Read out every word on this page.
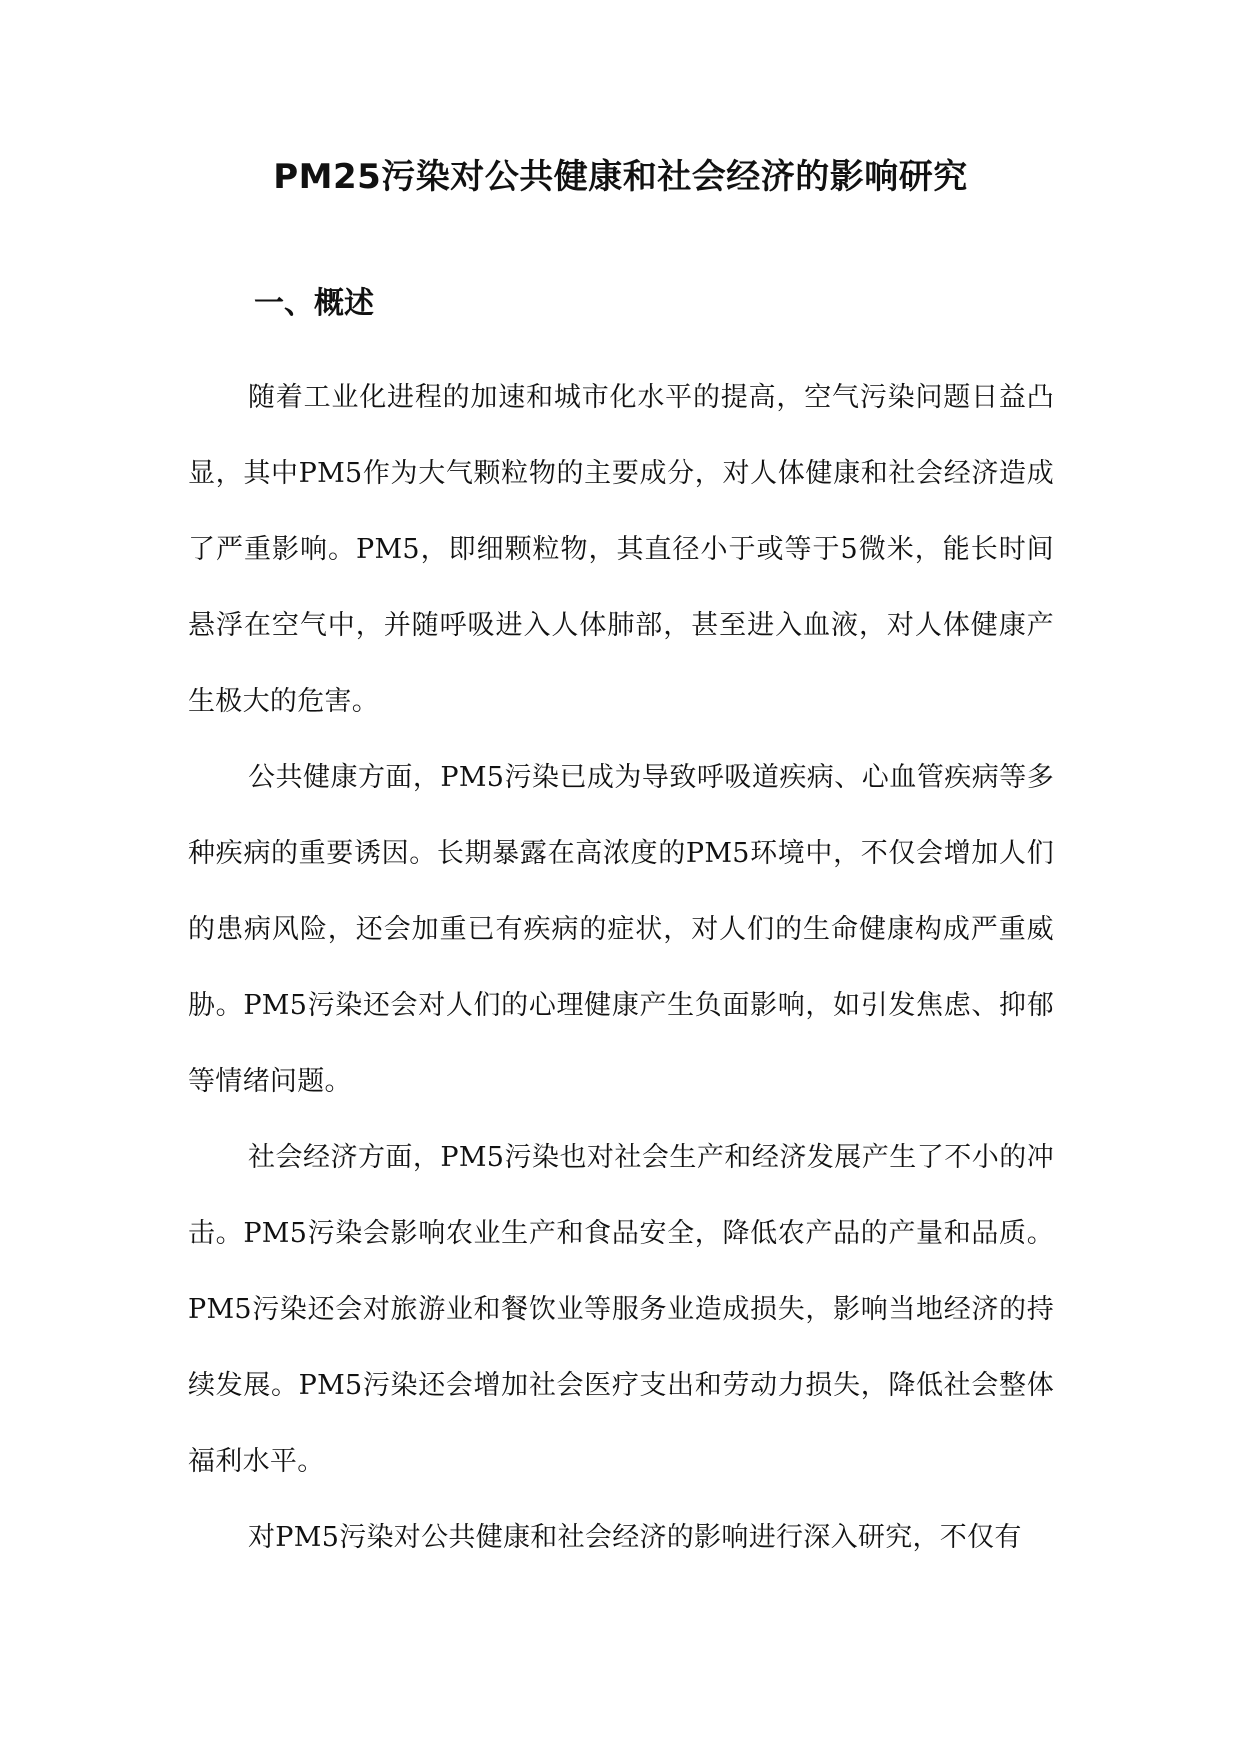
PM25污染对公共健康和社会经济的影响研究
一、概述

随着工业化进程的加速和城市化水平的提高，空气污染问题日益凸显，其中PM5作为大气颗粒物的主要成分，对人体健康和社会经济造成了严重影响。PM5，即细颗粒物，其直径小于或等于5微米，能长时间悬浮在空气中，并随呼吸进入人体肺部，甚至进入血液，对人体健康产生极大的危害。

公共健康方面，PM5污染已成为导致呼吸道疾病、心血管疾病等多种疾病的重要诱因。长期暴露在高浓度的PM5环境中，不仅会增加人们的患病风险，还会加重已有疾病的症状，对人们的生命健康构成严重威胁。PM5污染还会对人们的心理健康产生负面影响，如引发焦虑、抑郁等情绪问题。

社会经济方面，PM5污染也对社会生产和经济发展产生了不小的冲击。PM5污染会影响农业生产和食品安全，降低农产品的产量和品质。PM5污染还会对旅游业和餐饮业等服务业造成损失，影响当地经济的持续发展。PM5污染还会增加社会医疗支出和劳动力损失，降低社会整体福利水平。

对PM5污染对公共健康和社会经济的影响进行深入研究，不仅有
